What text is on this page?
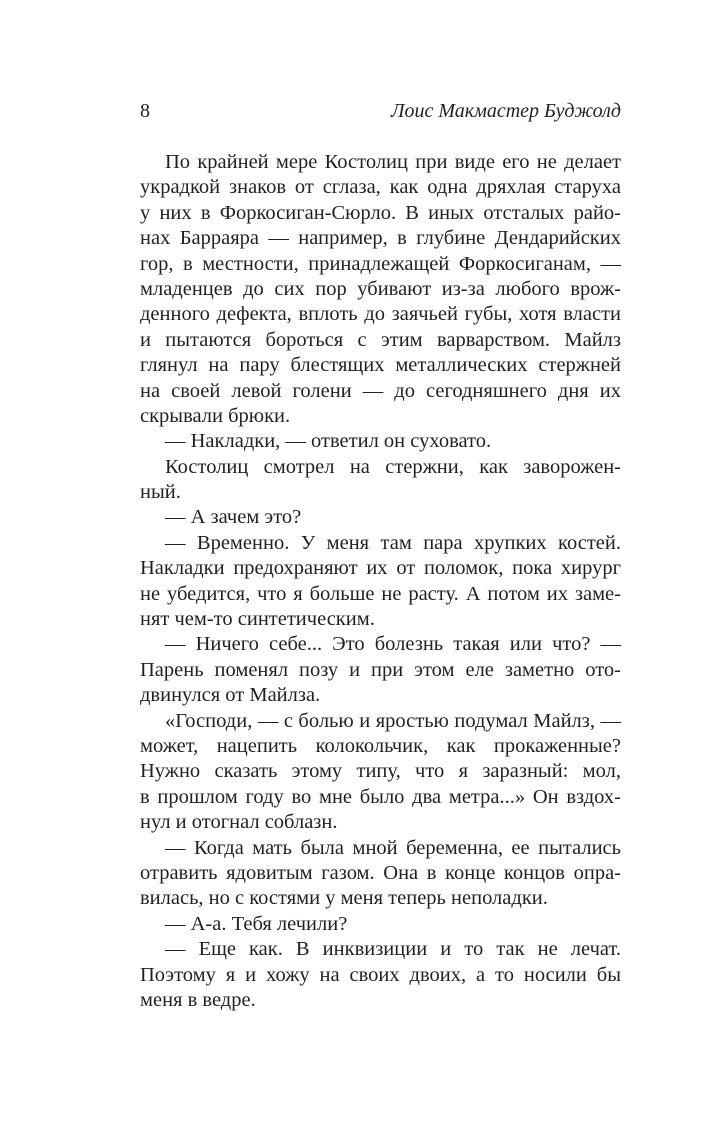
8	Лоис Макмастер Буджолд
По крайней мере Костолиц при виде его не делает
украдкой знаков от сглаза, как одна дряхлая старуха
у них в Форкосиган-Сюрло. В иных отсталых райо-
нах Барраяра — например, в глубине Дендарийских
гор, в местности, принадлежащей Форкосиганам, —
младенцев до сих пор убивают из-за любого врож-
денного дефекта, вплоть до заячьей губы, хотя власти
и пытаются бороться с этим варварством. Майлз
глянул на пару блестящих металлических стержней
на своей левой голени — до сегодняшнего дня их
скрывали брюки.
— Накладки, — ответил он суховато.
Костолиц смотрел на стержни, как заворожен-
ный.
— А зачем это?
— Временно. У меня там пара хрупких костей.
Накладки предохраняют их от поломок, пока хирург
не убедится, что я больше не расту. А потом их заме-
нят чем-то синтетическим.
— Ничего себе... Это болезнь такая или что? —
Парень поменял позу и при этом еле заметно ото-
двинулся от Майлза.
«Господи, — с болью и яростью подумал Майлз, —
может, нацепить колокольчик, как прокаженные?
Нужно сказать этому типу, что я заразный: мол,
в прошлом году во мне было два метра...» Он вздох-
нул и отогнал соблазн.
— Когда мать была мной беременна, ее пытались
отравить ядовитым газом. Она в конце концов опра-
вилась, но с костями у меня теперь неполадки.
— А-а. Тебя лечили?
— Еще как. В инквизиции и то так не лечат.
Поэтому я и хожу на своих двоих, а то носили бы
меня в ведре.
